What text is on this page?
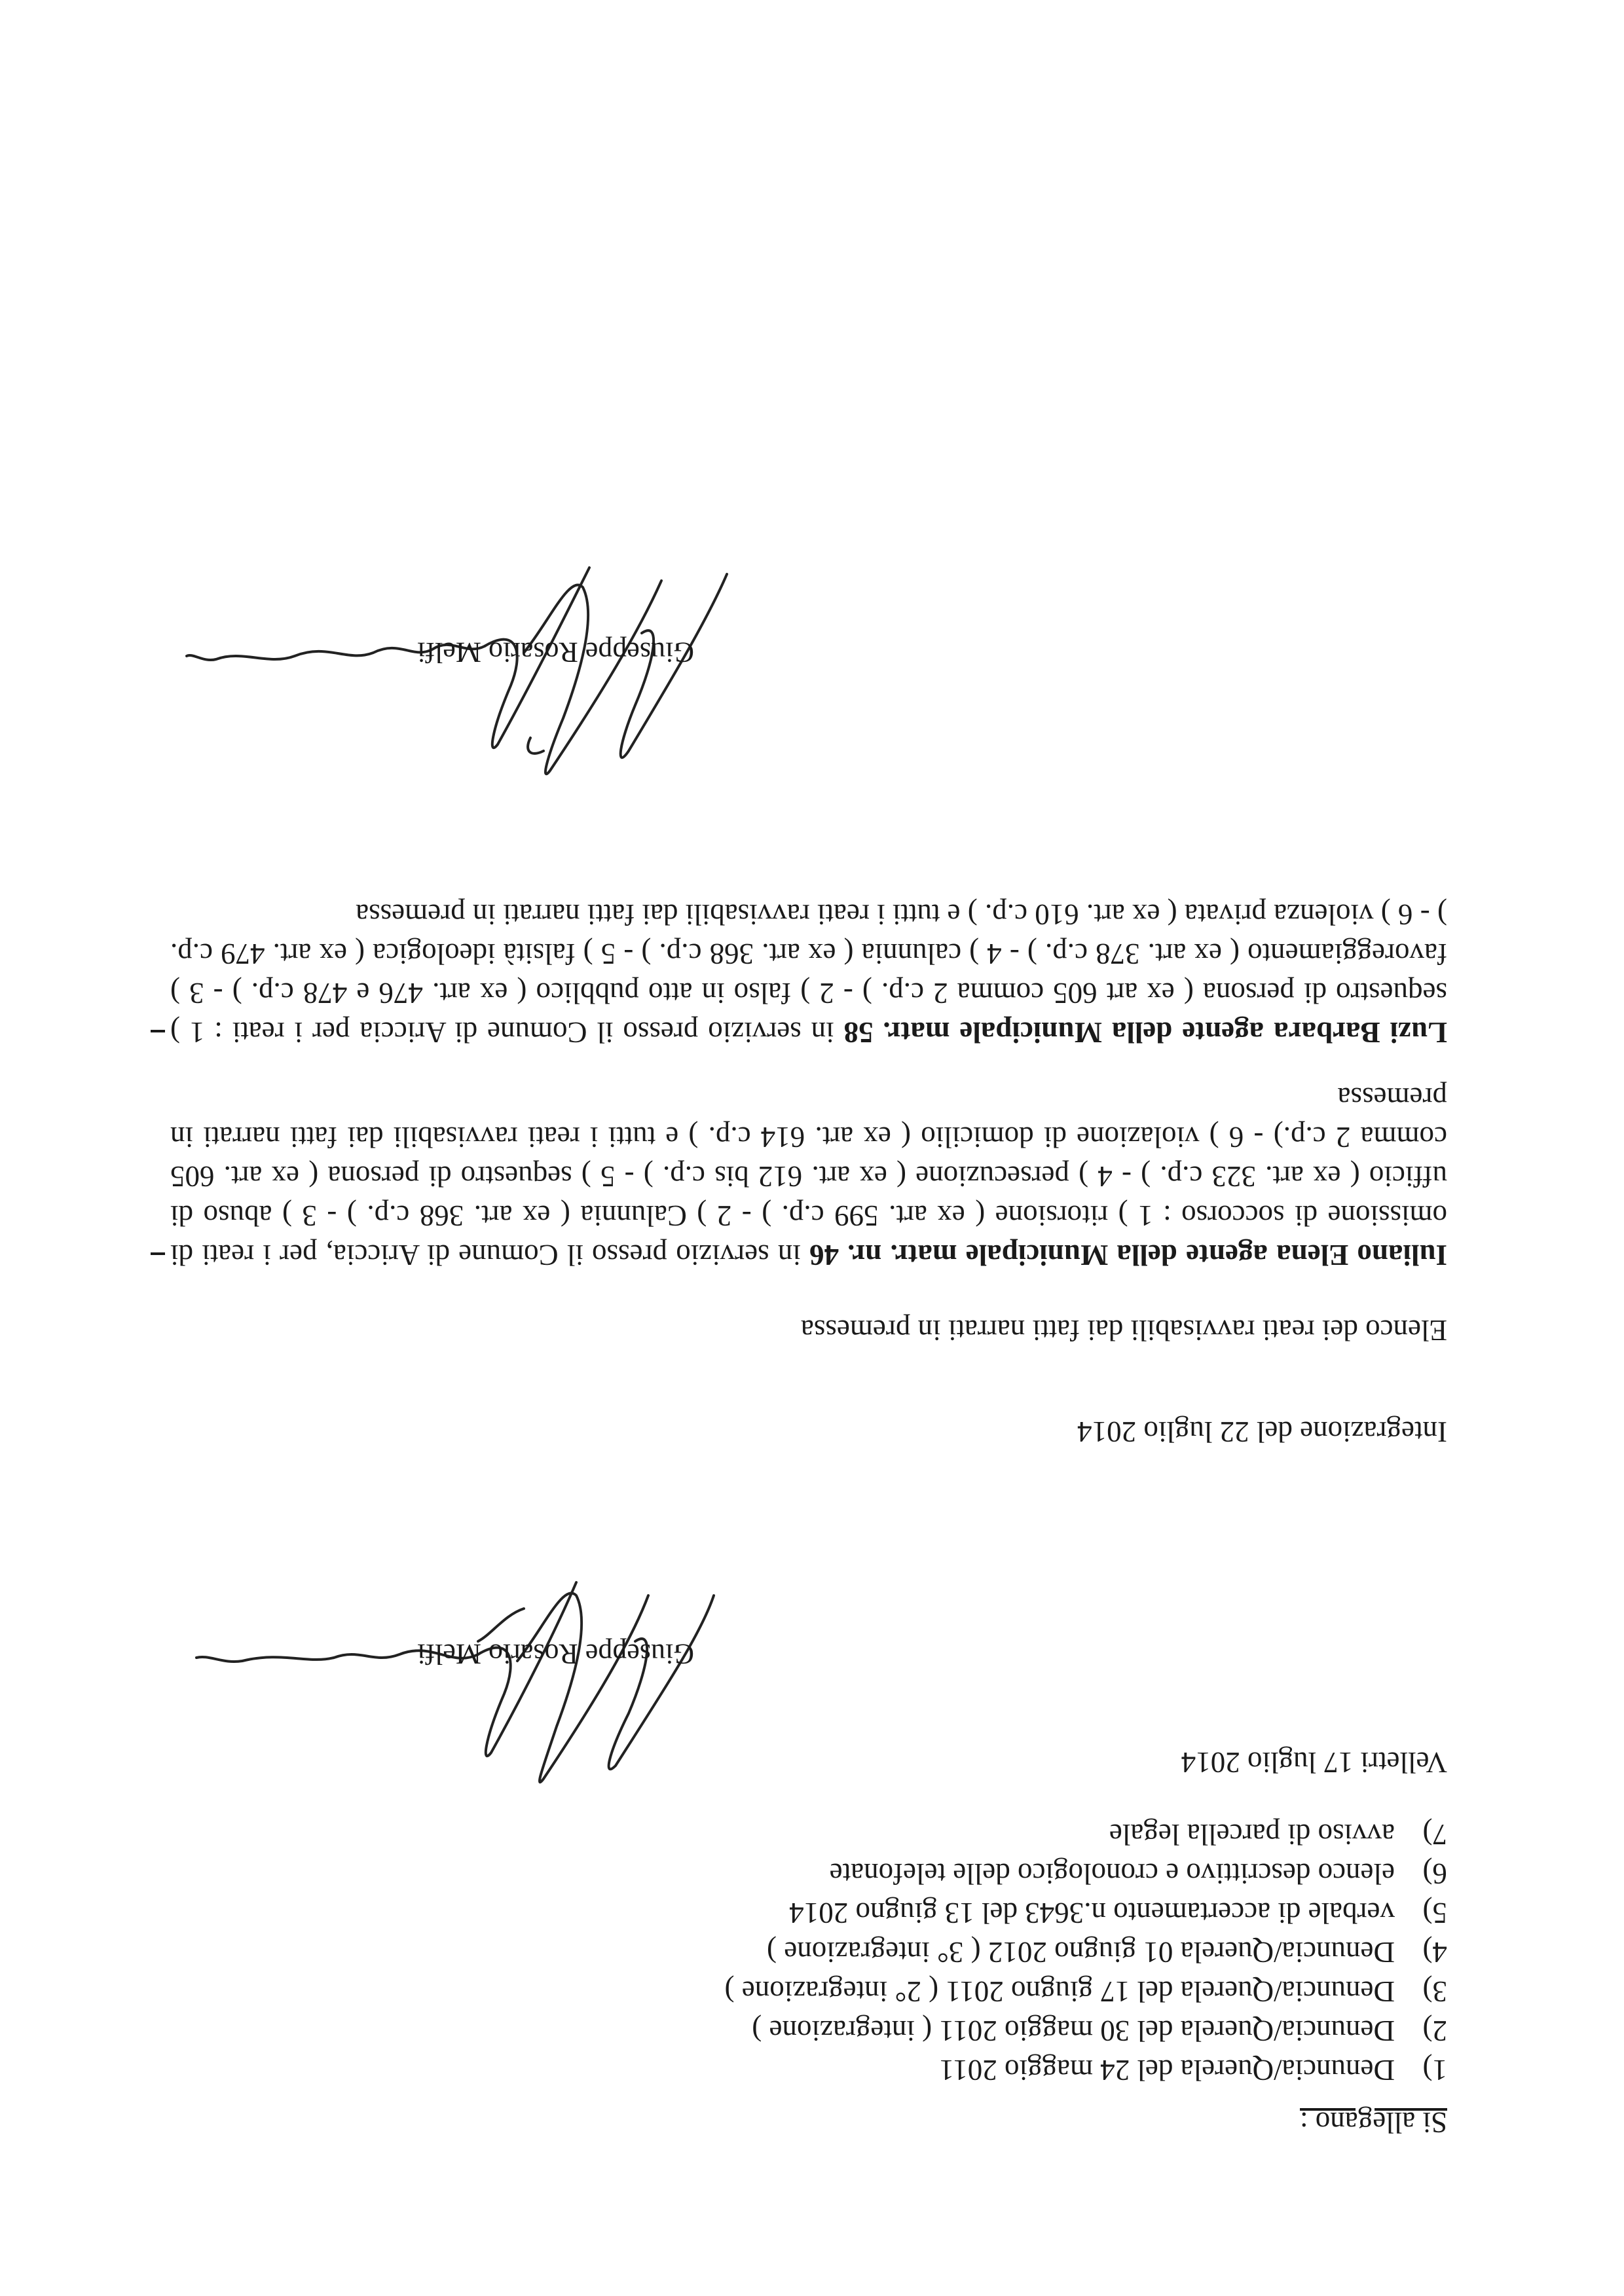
Si allegano :
1)Denuncia/Querela del 24 maggio 2011
2)Denuncia/Querela del 30 maggio 2011 ( integrazione )
3)Denuncia/Querela del 17 giugno 2011 ( 2° integrazione )
4)Denuncia/Querela 01 giugno 2012 ( 3° integrazione )
5)verbale di accertamento n.3643 del 13 giugno 2014
6)elenco descrittivo e cronologico delle telefonate
7)avviso di parcella legale
Velletri 17 luglio 2014
Giuseppe Rosario Melfi
Integrazione del 22 luglio 2014
Elenco dei reati ravvisabili dai fatti narrati in premessa
Iuliano Elena agente della Municipale matr. nr. 46 in servizio presso il Comune di Ariccia, per i reati di omissione di soccorso : 1 ) ritorsione ( ex art. 599 c.p. ) - 2 ) Calunnia ( ex art. 368 c.p. ) - 3 ) abuso di ufficio ( ex art. 323 c.p. ) - 4 ) persecuzione ( ex art. 612 bis c.p. ) - 5 ) sequestro di persona ( ex art. 605 comma 2 c.p.) - 6 ) violazione di domicilio ( ex art. 614 c.p. ) e tutti i reati ravvisabili dai fatti narrati in premessa
Luzi Barbara agente della Municipale matr. 58 in servizio presso il Comune di Ariccia per i reati : 1 ) sequestro di persona ( ex art 605 comma 2 c.p. ) - 2 ) falso in atto pubblico ( ex art. 476 e 478 c.p. ) - 3 ) favoreggiamento ( ex art. 378 c.p. ) - 4 ) calunnia ( ex art. 368 c.p. ) - 5 ) falsità ideologica ( ex art. 479 c.p. ) - 6 ) violenza privata ( ex art. 610 c.p. ) e tutti i reati ravvisabili dai fatti narrati in premessa
Giuseppe Rosario Melfi
